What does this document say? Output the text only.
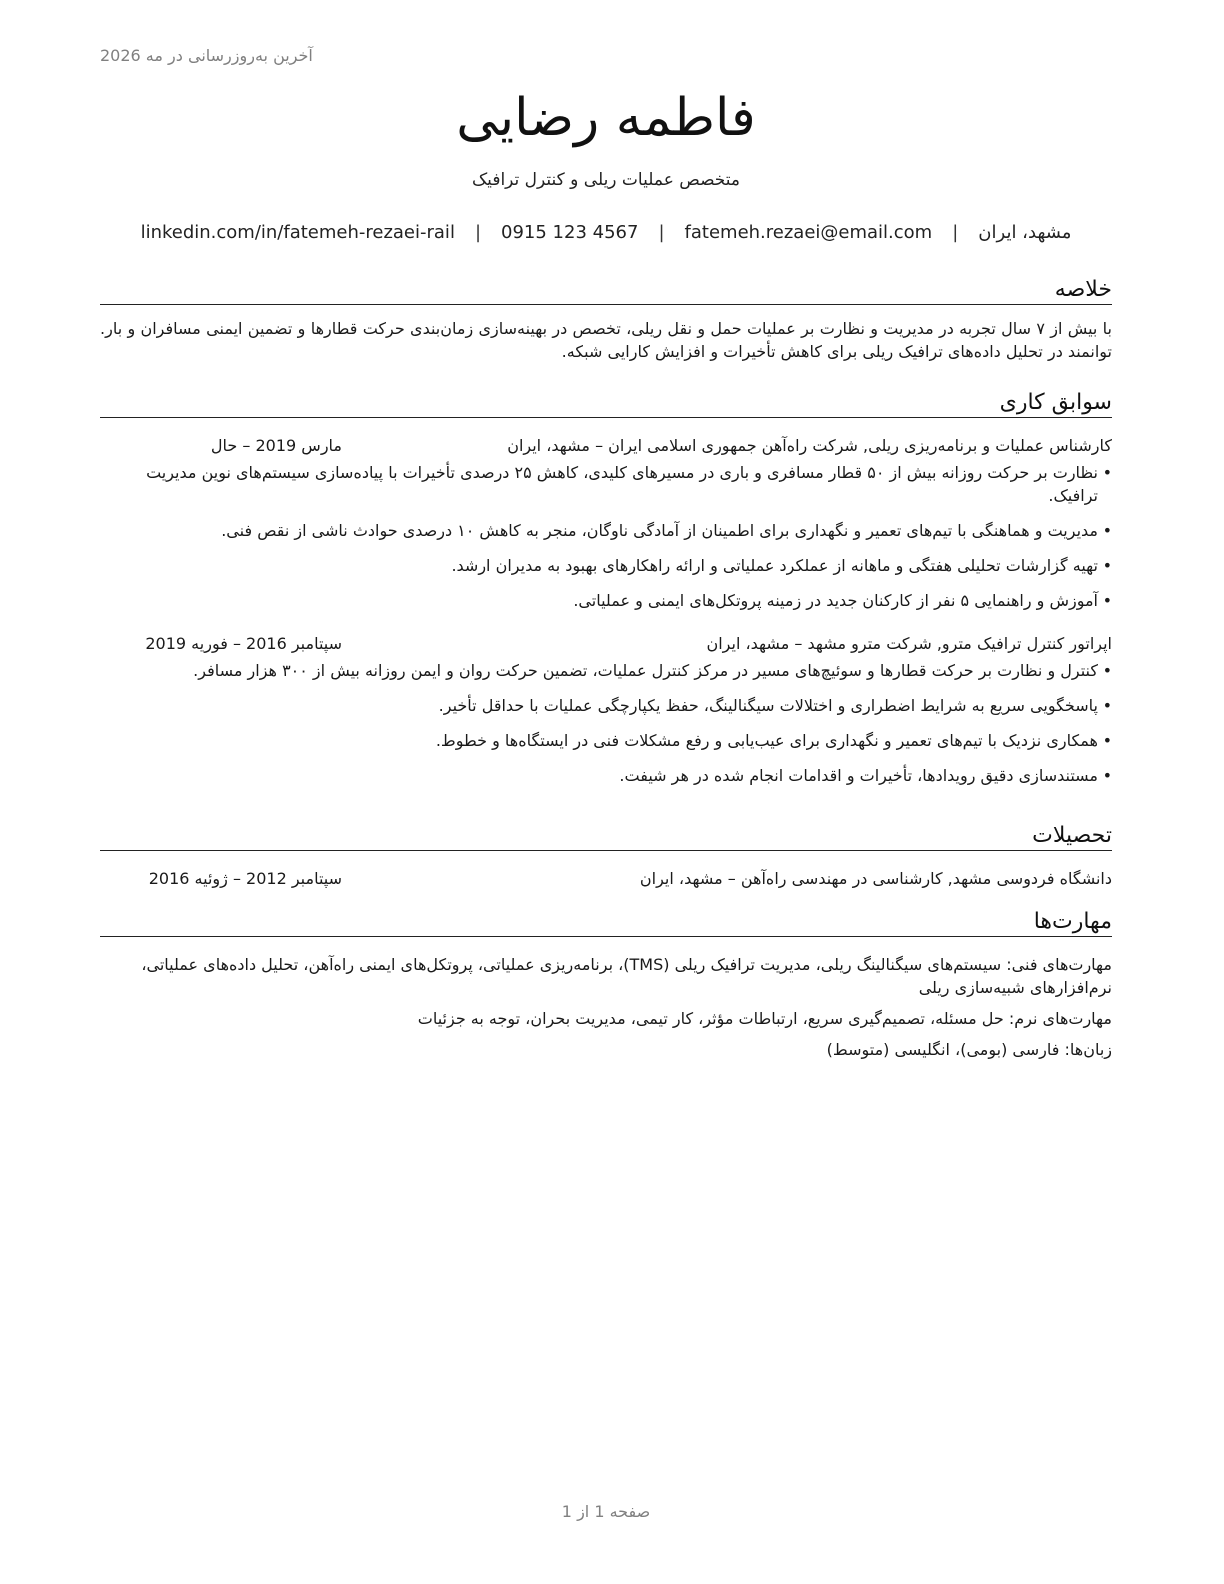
آخرین به‌روزرسانی در مه 2026
فاطمه رضایی
متخصص عملیات ریلی و کنترل ترافیک
مشهد، ایران
|
fatemeh.rezaei@email.com
|
0915 123 4567
|
linkedin.com/in/fatemeh-rezaei-rail
خلاصه

با بیش از ۷ سال تجربه در مدیریت و نظارت بر عملیات حمل و نقل ریلی، تخصص در بهینه‌سازی زمان‌بندی حرکت قطارها و تضمین ایمنی مسافران و بار. توانمند در تحلیل داده‌های ترافیک ریلی برای کاهش تأخیرات و افزایش کارایی شبکه.

سوابق کاری
کارشناس عملیات و برنامه‌ریزی ریلی, شرکت راه‌آهن جمهوری اسلامی ایران – مشهد، ایران
مارس 2019 – حال
• نظارت بر حرکت روزانه بیش از ۵۰ قطار مسافری و باری در مسیرهای کلیدی، کاهش ۲۵ درصدی تأخیرات با پیاده‌سازی سیستم‌های نوین مدیریت ترافیک.
• مدیریت و هماهنگی با تیم‌های تعمیر و نگهداری برای اطمینان از آمادگی ناوگان، منجر به کاهش ۱۰ درصدی حوادث ناشی از نقص فنی.
• تهیه گزارشات تحلیلی هفتگی و ماهانه از عملکرد عملیاتی و ارائه راهکارهای بهبود به مدیران ارشد.
• آموزش و راهنمایی ۵ نفر از کارکنان جدید در زمینه پروتکل‌های ایمنی و عملیاتی.
اپراتور کنترل ترافیک مترو, شرکت مترو مشهد – مشهد، ایران
سپتامبر 2016 – فوریه 2019
• کنترل و نظارت بر حرکت قطارها و سوئیچ‌های مسیر در مرکز کنترل عملیات، تضمین حرکت روان و ایمن روزانه بیش از ۳۰۰ هزار مسافر.
• پاسخگویی سریع به شرایط اضطراری و اختلالات سیگنالینگ، حفظ یکپارچگی عملیات با حداقل تأخیر.
• همکاری نزدیک با تیم‌های تعمیر و نگهداری برای عیب‌یابی و رفع مشکلات فنی در ایستگاه‌ها و خطوط.
• مستندسازی دقیق رویدادها، تأخیرات و اقدامات انجام شده در هر شیفت.
تحصیلات
دانشگاه فردوسی مشهد, کارشناسی در مهندسی راه‌آهن – مشهد، ایران
سپتامبر 2012 – ژوئیه 2016
مهارت‌ها

مهارت‌های فنی: سیستم‌های سیگنالینگ ریلی، مدیریت ترافیک ریلی (TMS)، برنامه‌ریزی عملیاتی، پروتکل‌های ایمنی راه‌آهن، تحلیل داده‌های عملیاتی، نرم‌افزارهای شبیه‌سازی ریلی

مهارت‌های نرم: حل مسئله، تصمیم‌گیری سریع، ارتباطات مؤثر، کار تیمی، مدیریت بحران، توجه به جزئیات

زبان‌ها: فارسی (بومی)، انگلیسی (متوسط)

صفحه 1 از 1
